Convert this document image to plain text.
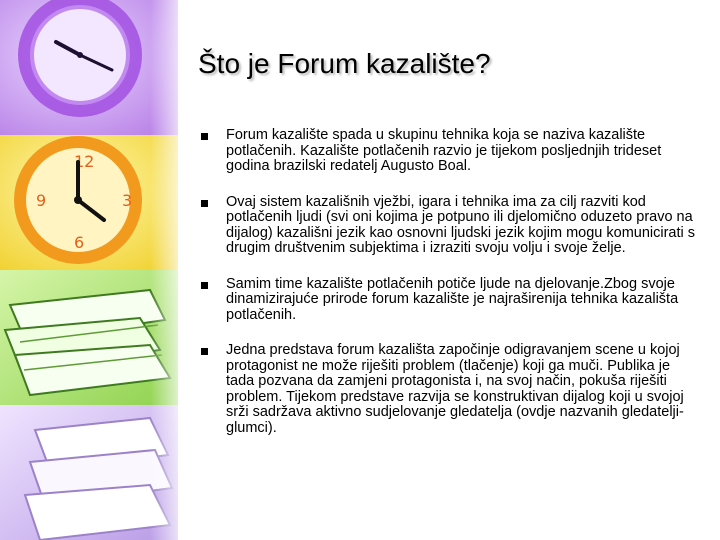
12
3
9
6
Što je Forum kazalište?
Forum kazalište spada u skupinu tehnika koja se naziva kazalište potlačenih. Kazalište potlačenih razvio je tijekom posljednjih trideset godina brazilski redatelj Augusto Boal.
Ovaj sistem kazališnih vježbi, igara i tehnika ima za cilj razviti kod potlačenih ljudi (svi oni kojima je potpuno ili djelomično oduzeto pravo na dijalog) kazališni jezik kao osnovni ljudski jezik kojim mogu komunicirati s drugim društvenim subjektima i izraziti svoju volju i svoje želje.
Samim time kazalište potlačenih potiče ljude na djelovanje.Zbog svoje dinamizirajuće prirode forum kazalište je najraširenija tehnika kazališta potlačenih.
Jedna predstava forum kazališta započinje odigravanjem scene u kojoj protagonist ne može riješiti problem (tlačenje) koji ga muči. Publika je tada pozvana da zamjeni protagonista i, na svoj način, pokuša riješiti problem. Tijekom predstave razvija se konstruktivan dijalog koji u svojoj srži sadržava aktivno sudjelovanje gledatelja (ovdje nazvanih gledatelji-glumci).
